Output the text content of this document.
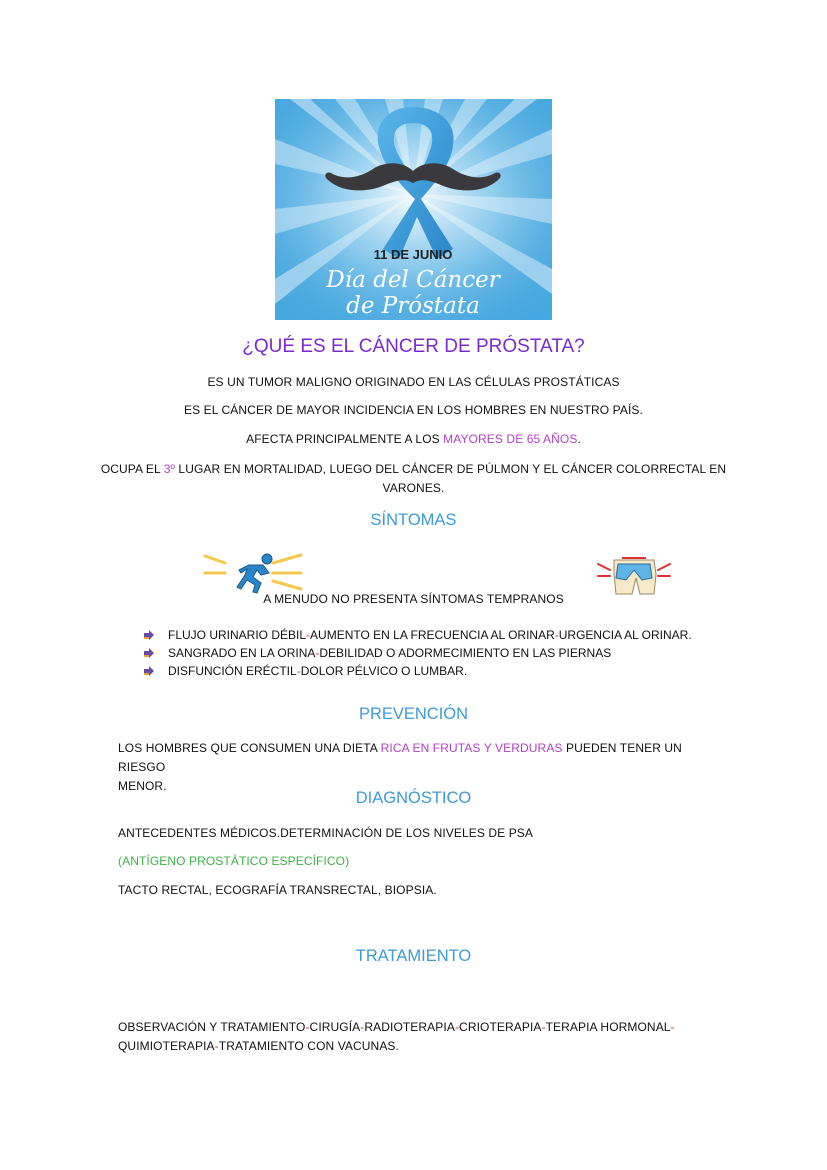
11 DE JUNIO
Día del Cáncer
de Próstata
¿QUÉ ES EL CÁNCER DE PRÓSTATA?
ES UN TUMOR MALIGNO ORIGINADO EN LAS CÉLULAS PROSTÁTICAS
ES EL CÁNCER DE MAYOR INCIDENCIA EN LOS HOMBRES EN NUESTRO PAÍS.
AFECTA PRINCIPALMENTE A LOS MAYORES DE 65 AÑOS.
OCUPA EL 3º LUGAR EN MORTALIDAD, LUEGO DEL CÁNCER DE PÚLMON Y EL CÁNCER COLORRECTAL EN
VARONES.
SÍNTOMAS
A MENUDO NO PRESENTA SÍNTOMAS TEMPRANOS
FLUJO URINARIO DÉBIL - AUMENTO EN LA FRECUENCIA AL ORINAR - URGENCIA AL ORINAR.
SANGRADO EN LA ORINA - DEBILIDAD O ADORMECIMIENTO EN LAS PIERNAS
DISFUNCIÓN ERÉCTIL - DOLOR PÉLVICO O LUMBAR.
PREVENCIÓN
LOS HOMBRES QUE CONSUMEN UNA DIETA RICA EN FRUTAS Y VERDURAS PUEDEN TENER UN RIESGO
MENOR.
DIAGNÓSTICO
ANTECEDENTES MÉDICOS.DETERMINACIÓN DE LOS NIVELES DE PSA
(ANTÍGENO PROSTÁTICO ESPECÍFICO)
TACTO RECTAL, ECOGRAFÍA TRANSRECTAL, BIOPSIA.
TRATAMIENTO
OBSERVACIÓN Y TRATAMIENTO-CIRUGÍA-RADIOTERAPIA-CRIOTERAPIA-TERAPIA HORMONAL-
QUIMIOTERAPIA-TRATAMIENTO CON VACUNAS.
